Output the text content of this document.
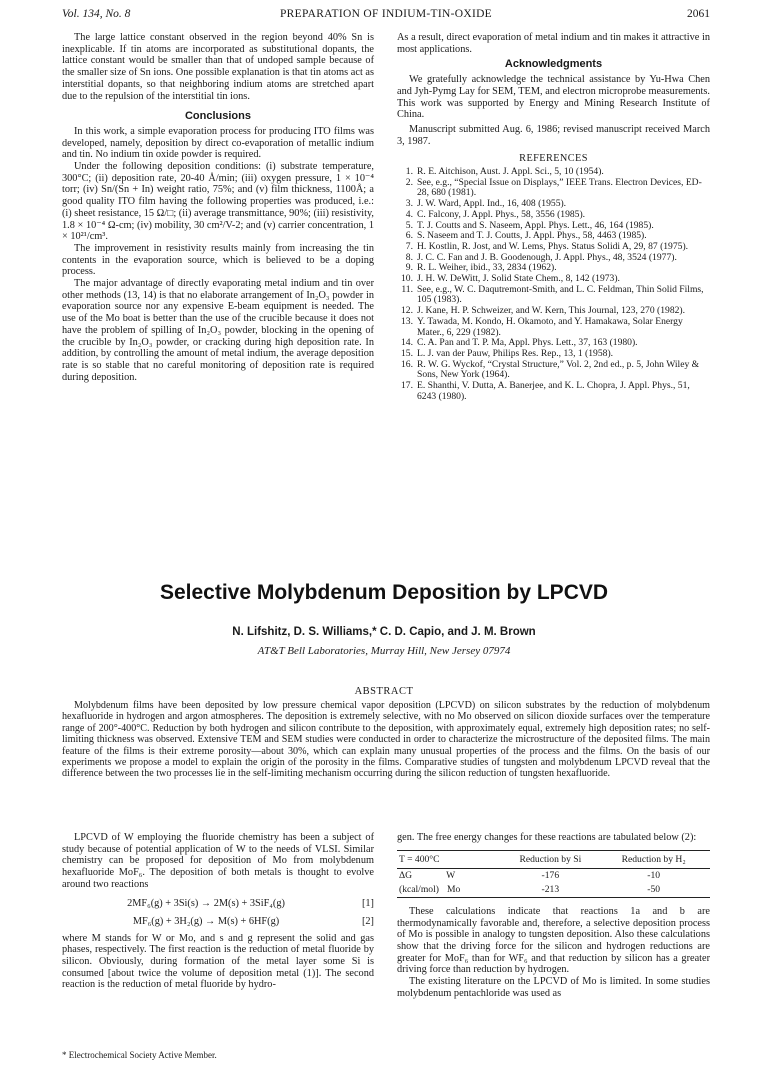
Vol. 134, No. 8	PREPARATION OF INDIUM-TIN-OXIDE	2061

The large lattice constant observed in the region beyond 40% Sn is inexplicable. If tin atoms are incorporated as substitutional dopants, the lattice constant would be smaller than that of undoped sample because of the smaller size of Sn ions. One possible explanation is that tin atoms act as interstitial dopants, so that neighboring indium atoms are stretched apart due to the repulsion of the interstitial tin ions.

Conclusions

In this work, a simple evaporation process for producing ITO films was developed, namely, deposition by direct co-evaporation of metallic indium and tin. No indium tin oxide powder is required.

Under the following deposition conditions: (i) substrate temperature, 300°C; (ii) deposition rate, 20-40 Å/min; (iii) oxygen pressure, 1 × 10⁻⁴ torr; (iv) Sn/(Sn + In) weight ratio, 75%; and (v) film thickness, 1100Å; a good quality ITO film having the following properties was produced, i.e.: (i) sheet resistance, 15 Ω/□; (ii) average transmittance, 90%; (iii) resistivity, 1.8 × 10⁻⁴ Ω-cm; (iv) mobility, 30 cm²/V-2; and (v) carrier concentration, 1 × 10²¹/cm³.

The improvement in resistivity results mainly from increasing the tin contents in the evaporation source, which is believed to be a doping process.

The major advantage of directly evaporating metal indium and tin over other methods (13, 14) is that no elaborate arrangement of In₂O₃ powder in evaporation source nor any expensive E-beam equipment is needed. The use of the Mo boat is better than the use of the crucible because it does not have the problem of spilling of In₂O₃ powder, blocking in the opening of the crucible by In₂O₃ powder, or cracking during high deposition rate. In addition, by controlling the amount of metal indium, the average deposition rate is so stable that no careful monitoring of deposition rate is required during deposition.

As a result, direct evaporation of metal indium and tin makes it attractive in most applications.

Acknowledgments

We gratefully acknowledge the technical assistance by Yu-Hwa Chen and Jyh-Pymg Lay for SEM, TEM, and electron microprobe measurements. This work was supported by Energy and Mining Research Institute of China.

Manuscript submitted Aug. 6, 1986; revised manuscript received March 3, 1987.

REFERENCES
1. R. E. Aitchison, Aust. J. Appl. Sci., 5, 10 (1954).
2. See, e.g., “Special Issue on Displays,” IEEE Trans. Electron Devices, ED-28, 680 (1981).
3. J. W. Ward, Appl. Ind., 16, 408 (1955).
4. C. Falcony, J. Appl. Phys., 58, 3556 (1985).
5. T. J. Coutts and S. Naseem, Appl. Phys. Lett., 46, 164 (1985).
6. S. Naseem and T. J. Coutts, J. Appl. Phys., 58, 4463 (1985).
7. H. Kostlin, R. Jost, and W. Lems, Phys. Status Solidi A, 29, 87 (1975).
8. J. C. C. Fan and J. B. Goodenough, J. Appl. Phys., 48, 3524 (1977).
9. R. L. Weiher, ibid., 33, 2834 (1962).
10. J. H. W. DeWitt, J. Solid State Chem., 8, 142 (1973).
11. See, e.g., W. C. Daqutremont-Smith, and L. C. Feldman, Thin Solid Films, 105 (1983).
12. J. Kane, H. P. Schweizer, and W. Kern, This Journal, 123, 270 (1982).
13. Y. Tawada, M. Kondo, H. Okamoto, and Y. Hamakawa, Solar Energy Mater., 6, 229 (1982).
14. C. A. Pan and T. P. Ma, Appl. Phys. Lett., 37, 163 (1980).
15. L. J. van der Pauw, Philips Res. Rep., 13, 1 (1958).
16. R. W. G. Wyckof, “Crystal Structure,” Vol. 2, 2nd ed., p. 5, John Wiley & Sons, New York (1964).
17. E. Shanthi, V. Dutta, A. Banerjee, and K. L. Chopra, J. Appl. Phys., 51, 6243 (1980).
Selective Molybdenum Deposition by LPCVD
N. Lifshitz, D. S. Williams,* C. D. Capio, and J. M. Brown
AT&T Bell Laboratories, Murray Hill, New Jersey 07974
ABSTRACT

Molybdenum films have been deposited by low pressure chemical vapor deposition (LPCVD) on silicon substrates by the reduction of molybdenum hexafluoride in hydrogen and argon atmospheres. The deposition is extremely selective, with no Mo observed on silicon dioxide surfaces over the temperature range of 200°-400°C. Reduction by both hydrogen and silicon contribute to the deposition, with approximately equal, extremely high deposition rates; no self-limiting thickness was observed. Extensive TEM and SEM studies were conducted in order to characterize the microstructure of the deposited films. The main feature of the films is their extreme porosity—about 30%, which can explain many unusual properties of the process and the films. On the basis of our experiments we propose a model to explain the origin of the porosity in the films. Comparative studies of tungsten and molybdenum LPCVD reveal that the difference between the two processes lie in the self-limiting mechanism occurring during the silicon reduction of tungsten hexafluoride.

LPCVD of W employing the fluoride chemistry has been a subject of study because of potential application of W to the needs of VLSI. Similar chemistry can be proposed for deposition of Mo from molybdenum hexafluoride MoF₆. The deposition of both metals is thought to evolve around two reactions

2MF₆(g) + 3Si(s) → 2M(s) + 3SiF₄(g)	[1]
MF₆(g) + 3H₂(g) → M(s) + 6HF(g)	[2]

where M stands for W or Mo, and s and g represent the solid and gas phases, respectively. The first reaction is the reduction of metal fluoride by silicon. Obviously, during formation of the metal layer some Si is consumed [about twice the volume of deposition metal (1)]. The second reaction is the reduction of metal fluoride by hydro-

* Electrochemical Society Active Member.

gen. The free energy changes for these reactions are tabulated below (2):

T = 400°C	Reduction by Si	Reduction by H₂
ΔG W	-176	-10
(kcal/mol) Mo	-213	-50

These calculations indicate that reactions 1a and b are thermodynamically favorable and, therefore, a selective deposition process of Mo is possible in analogy to tungsten deposition. Also these calculations show that the driving force for the silicon and hydrogen reductions are greater for MoF₆ than for WF₆ and that reduction by silicon has a greater driving force than reduction by hydrogen.

The existing literature on the LPCVD of Mo is limited. In some studies molybdenum pentachloride was used as
